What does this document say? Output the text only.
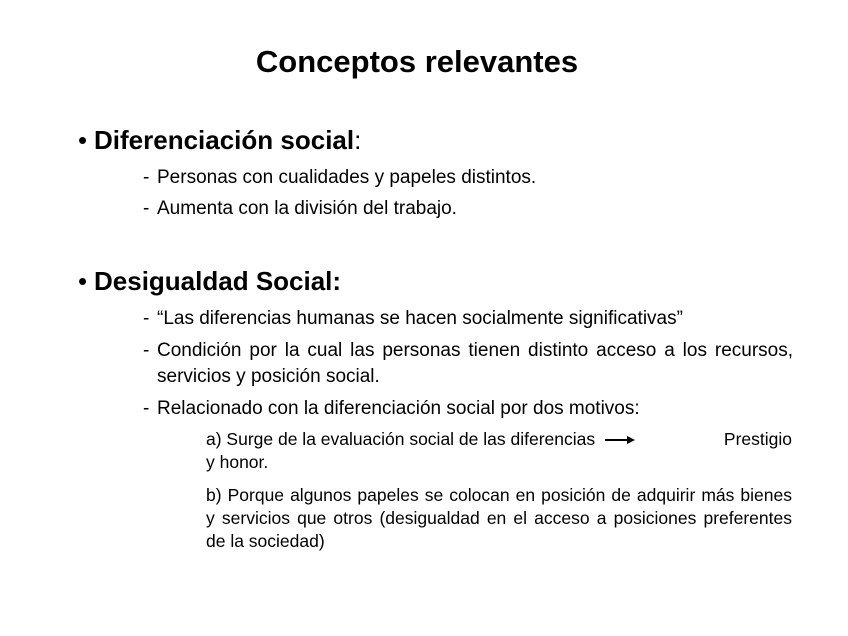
Conceptos relevantes
• Diferenciación social:
- Personas con cualidades y papeles distintos.
- Aumenta con la división del trabajo.
• Desigualdad Social:
- “Las diferencias humanas se hacen socialmente significativas”
- Condición por la cual las personas tienen distinto acceso a los recursos, servicios y posición social.
- Relacionado con la diferenciación social por dos motivos:
a) Surge de la evaluación social de las diferencias	Prestigio

y honor.
b) Porque algunos papeles se colocan en posición de adquirir más bienes y servicios que otros (desigualdad en el acceso a posiciones preferentes de la sociedad)
